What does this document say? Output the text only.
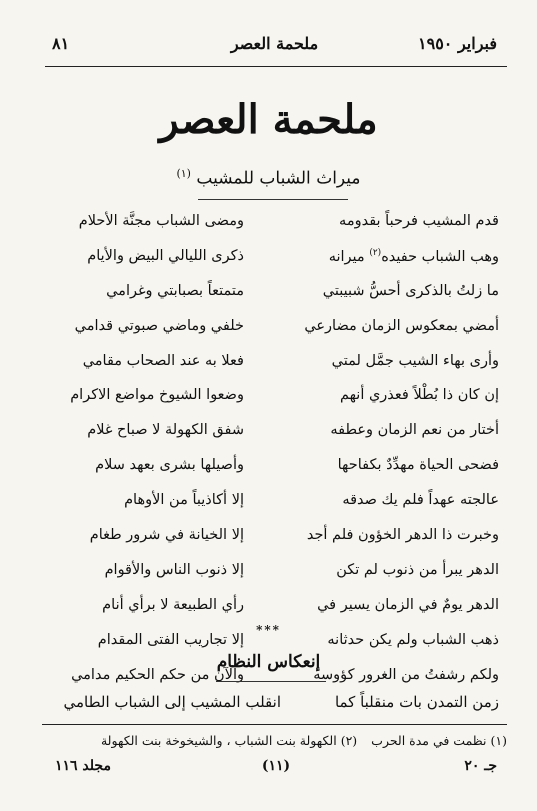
فبراير ١٩٥٠
ملحمة العصر
٨١
ملحمة العصر
ميراث الشباب للمشيب $^{(١)}$
قدم المشيب فرحباً بقدومه
ومضى الشباب مجنَّة الأحلام
وهب الشباب حفيده$^{(٢)}$ ميرانه
ذكرى الليالي البيض والأيام
ما زلتُ بالذكرى أحسُّ شبيبتي
متمتعاً بصبابتي وغرامي
أمضي بمعكوس الزمان مضارعي
خلفي وماضي صبوتي قدامي
وأرى بهاء الشيب جمَّل لمتي
فعلا به عند الصحاب مقامي
إن كان ذا بُطْلاً فعذري أنهم
وضعوا الشيوخ مواضع الاكرام
أختار من نعم الزمان وعطفه
شفق الكهولة لا صباح غلام
فضحى الحياة مهدِّدٌ بكفاحها
وأصيلها بشرى بعهد سلام
عالجته عهداً فلم يك صدقه
إلا أكاذيباً من الأوهام
وخبرت ذا الدهر الخؤون فلم أجد
إلا الخيانة في شرور طغام
الدهر يبرأ من ذنوب لم تكن
إلا ذنوب الناس والأقوام
الدهر يومٌ في الزمان يسير في
رأي الطبيعة لا برأي أنام
ذهب الشباب ولم يكن حدثانه
إلا تجاريب الفتى المقدام
ولكم رشفتُ من الغرور كؤوسه
والآن من حكم الحكيم مدامي
***
إنعكاس النظام
زمن التمدن بات منقلباً كما
انقلب المشيب إلى الشباب الطامي
(١) نظمت في مدة الحرب (٢) الكهولة بنت الشباب ، والشيخوخة بنت الكهولة
جـ ٢٠
(١١)
مجلد ١١٦
